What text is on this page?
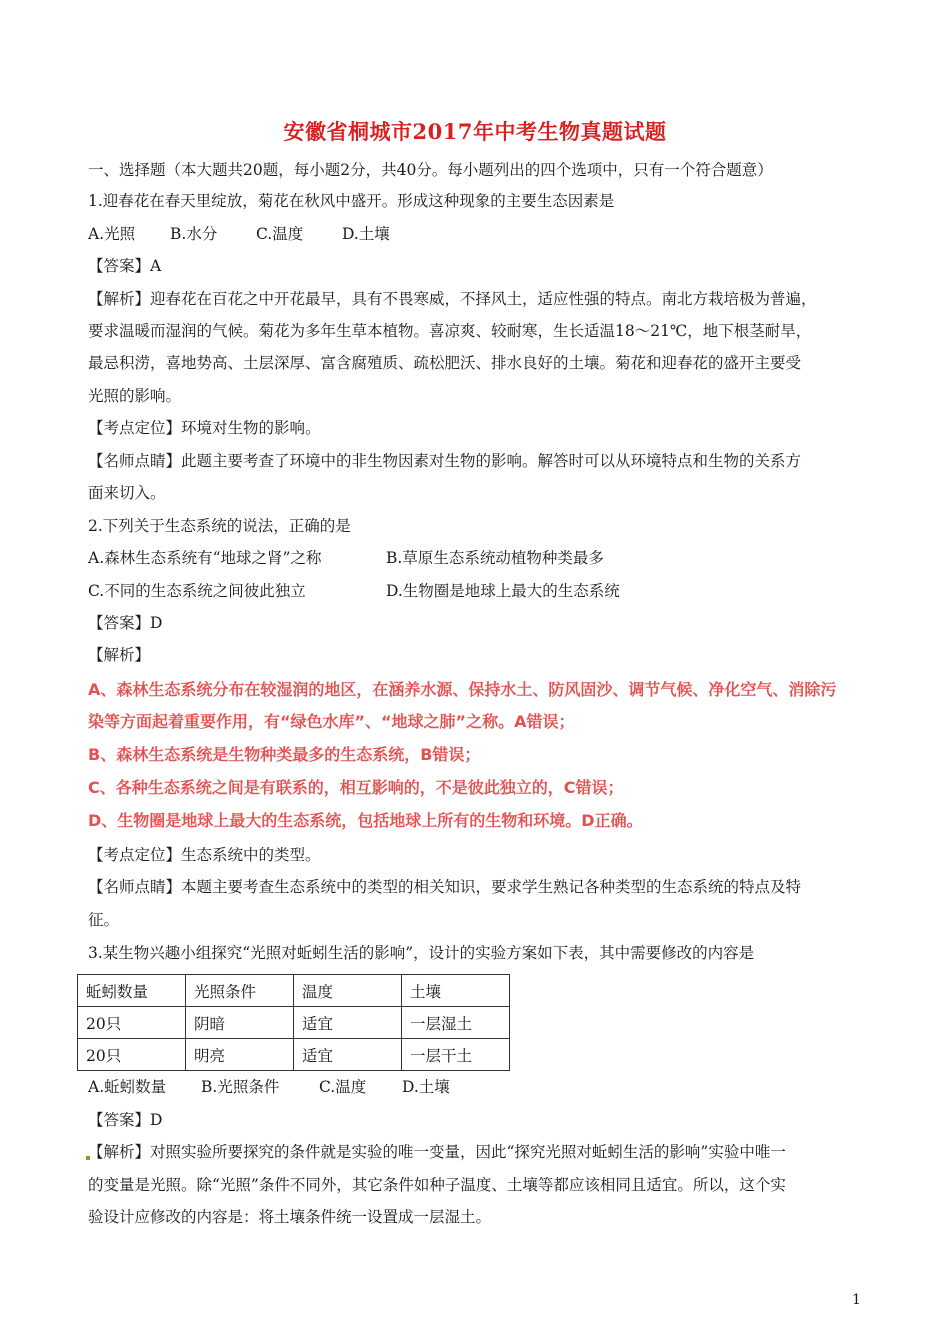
安徽省桐城市2017年中考生物真题试题
一、选择题（本大题共20题，每小题2分，共40分。每小题列出的四个选项中，只有一个符合题意）
1.迎春花在春天里绽放，菊花在秋风中盛开。形成这种现象的主要生态因素是
A.光照 B.水分 C.温度	D.土壤
【答案】A
【解析】迎春花在百花之中开花最早，具有不畏寒威，不择风土，适应性强的特点。南北方栽培极为普遍，
要求温暖而湿润的气候。菊花为多年生草本植物。喜凉爽、较耐寒，生长适温18～21℃，地下根茎耐旱，
最忌积涝，喜地势高、土层深厚、富含腐殖质、疏松肥沃、排水良好的土壤。菊花和迎春花的盛开主要受
光照的影响。
【考点定位】环境对生物的影响。
【名师点睛】此题主要考查了环境中的非生物因素对生物的影响。解答时可以从环境特点和生物的关系方
面来切入。
2.下列关于生态系统的说法，正确的是
A.森林生态系统有“地球之肾”之称	B.草原生态系统动植物种类最多
C.不同的生态系统之间彼此独立	D.生物圈是地球上最大的生态系统
【答案】D
【解析】
A、森林生态系统分布在较湿润的地区，在涵养水源、保持水土、防风固沙、调节气候、净化空气、消除污
染等方面起着重要作用，有“绿色水库”、“地球之肺”之称。A错误；
B、森林生态系统是生物种类最多的生态系统，B错误；
C、各种生态系统之间是有联系的，相互影响的，不是彼此独立的，C错误；
D、生物圈是地球上最大的生态系统，包括地球上所有的生物和环境。D正确。
【考点定位】生态系统中的类型。
【名师点睛】本题主要考查生态系统中的类型的相关知识，要求学生熟记各种类型的生态系统的特点及特
征。
3.某生物兴趣小组探究“光照对蚯蚓生活的影响”，设计的实验方案如下表，其中需要修改的内容是
蚯蚓数量	光照条件	温度	土壤
20只	阴暗	适宜	一层湿土
20只	明亮	适宜	一层干土
A.蚯蚓数量 B.光照条件	C.温度 D.土壤
【答案】D
【解析】对照实验所要探究的条件就是实验的唯一变量，因此“探究光照对蚯蚓生活的影响”实验中唯一
的变量是光照。除“光照”条件不同外，其它条件如种子温度、土壤等都应该相同且适宜。所以，这个实
验设计应修改的内容是：将土壤条件统一设置成一层湿土。
1
